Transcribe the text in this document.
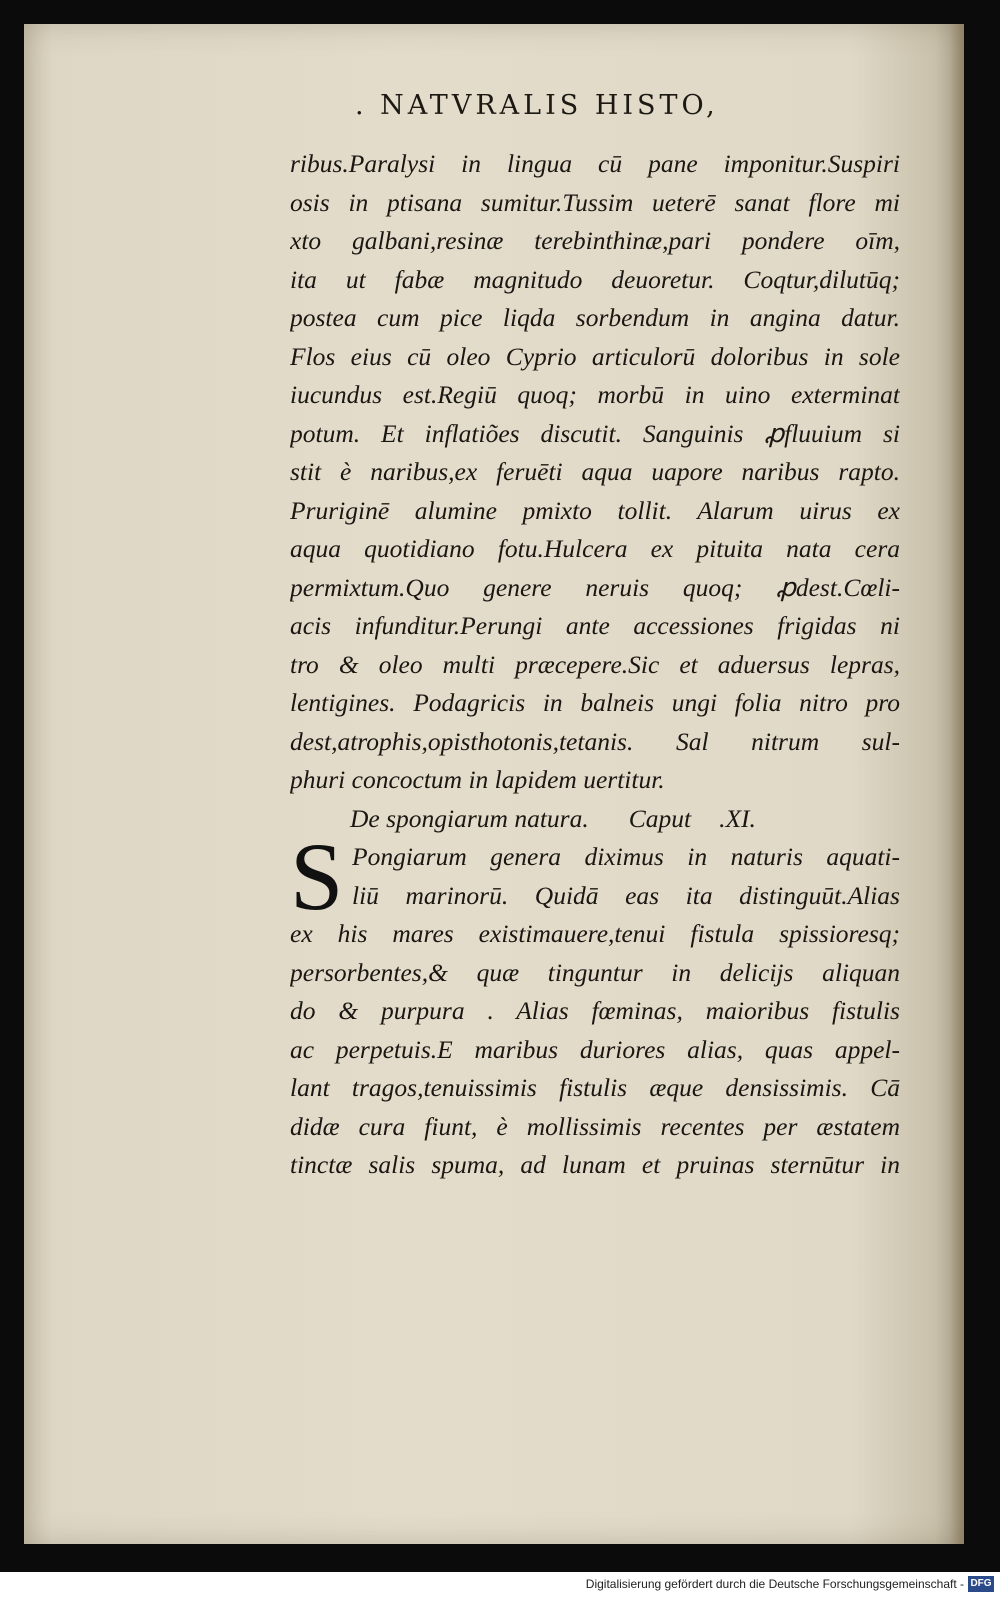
. NATVRALIS HISTO,
ribus.Paralysi in lingua cū pane imponitur.Suspiri
osis in ptisana sumitur.Tussim ueterē sanat flore mi
xto galbani,resinæ terebinthinæ,pari pondere oīm,
ita ut fabæ magnitudo deuoretur. Coqtur,dilutūq;
postea cum pice liqda sorbendum in angina datur.
Flos eius cū oleo Cyprio articulorū doloribus in sole
iucundus est.Regiū quoq; morbū in uino exterminat
potum. Et inflatiões discutit. Sanguinis ꝓfluuium si
stit è naribus,ex feruēti aqua uapore naribus rapto.
Pruriginē alumine pmixto tollit. Alarum uirus ex
aqua quotidiano fotu.Hulcera ex pituita nata cera
permixtum.Quo genere neruis quoq; ꝓdest.Cœli-
acis infunditur.Perungi ante accessiones frigidas ni
tro & oleo multi præcepere.Sic et aduersus lepras,
lentigines. Podagricis in balneis ungi folia nitro pro
dest,atrophis,opisthotonis,tetanis. Sal nitrum sul-
phuri concoctum in lapidem uertitur.
De spongiarum natura. Caput .XI.
S Pongiarum genera diximus in naturis aquati-
liū marinorū. Quidā eas ita distinguūt.Alias
ex his mares existimauere,tenui fistula spissioresq;
persorbentes,& quæ tinguntur in delicijs aliquan
do & purpura . Alias fœminas, maioribus fistulis
ac perpetuis.E maribus duriores alias, quas appel-
lant tragos,tenuissimis fistulis æque densissimis. Cā
didæ cura fiunt, è mollissimis recentes per æstatem
tinctæ salis spuma, ad lunam et pruinas sternūtur in
Digitalisierung gefördert durch die Deutsche Forschungsgemeinschaft - DFG
